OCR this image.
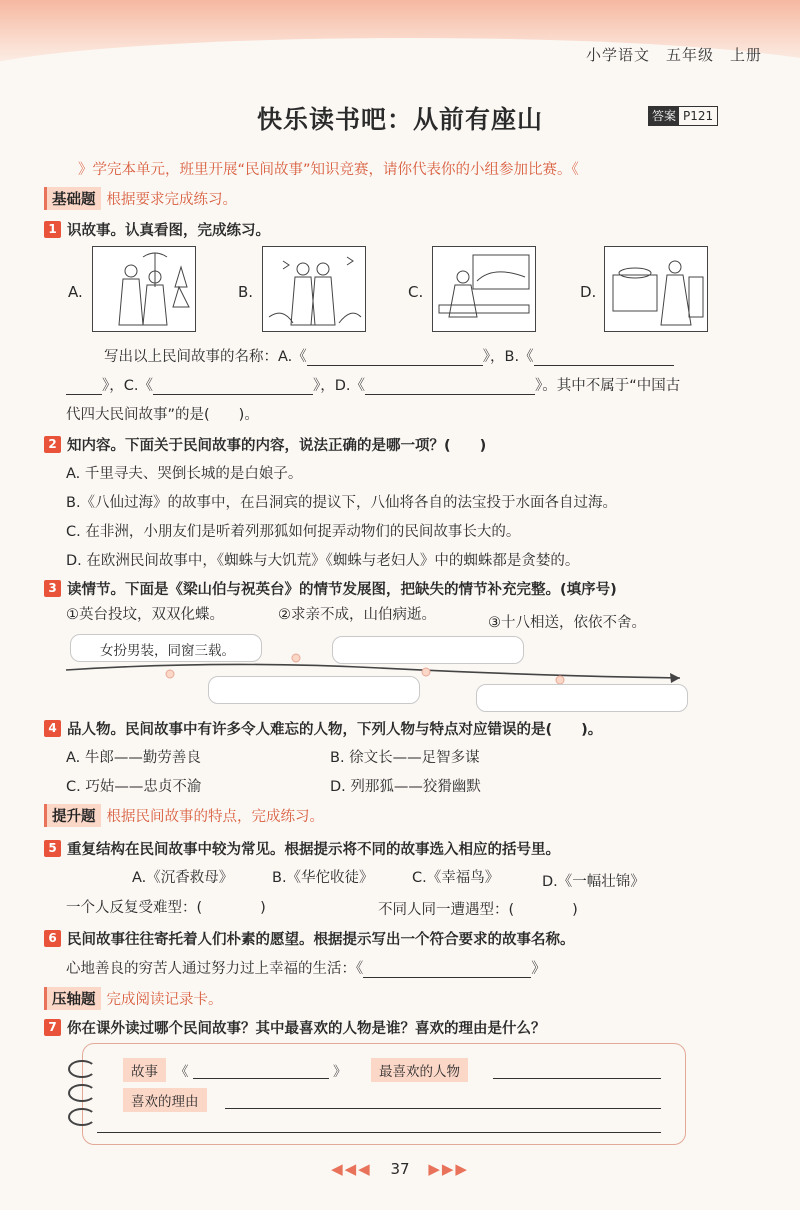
小学语文　五年级　上册
快乐读书吧：从前有座山	答案 P121
》学完本单元，班里开展“民间故事”知识竞赛，请你代表你的小组参加比赛。《
基础题 根据要求完成练习。
1 识故事。认真看图，完成练习。
A.	B.	C.	D.
写出以上民间故事的名称：A.《	》，B.《
》，C.《	》，D.《	》。其中不属于“中国古
代四大民间故事”的是(　　)。
2 知内容。下面关于民间故事的内容，说法正确的是哪一项？(　　)
A. 千里寻夫、哭倒长城的是白娘子。
B.《八仙过海》的故事中，在吕洞宾的提议下，八仙将各自的法宝投于水面各自过海。
C. 在非洲，小朋友们是听着列那狐如何捉弄动物们的民间故事长大的。
D. 在欧洲民间故事中，《蜘蛛与大饥荒》《蜘蛛与老妇人》中的蜘蛛都是贪婪的。
3 读情节。下面是《梁山伯与祝英台》的情节发展图，把缺失的情节补充完整。(填序号)
①英台投坟，双双化蝶。	②求亲不成，山伯病逝。	③十八相送，依依不舍。
女扮男装，同窗三载。
4 品人物。民间故事中有许多令人难忘的人物，下列人物与特点对应错误的是(　　)。
A. 牛郎——勤劳善良	B. 徐文长——足智多谋
C. 巧姑——忠贞不渝	D. 列那狐——狡猾幽默
提升题 根据民间故事的特点，完成练习。
5 重复结构在民间故事中较为常见。根据提示将不同的故事选入相应的括号里。
A.《沉香救母》	B.《华佗收徒》	C.《幸福鸟》	D.《一幅壮锦》
一个人反复受难型：(　　　　)	不同人同一遭遇型：(　　　　)
6 民间故事往往寄托着人们朴素的愿望。根据提示写出一个符合要求的故事名称。
心地善良的穷苦人通过努力过上幸福的生活：《	》
压轴题 完成阅读记录卡。
7 你在课外读过哪个民间故事？其中最喜欢的人物是谁？喜欢的理由是什么？
故事	《	》	最喜欢的人物
喜欢的理由
◀◀◀ 37 ▶▶▶
